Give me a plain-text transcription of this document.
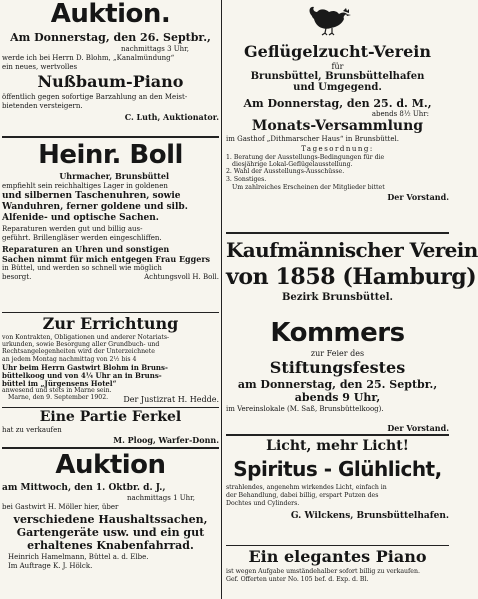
Auktion.
Am Donnerstag, den 26. Septbr.,
nachmittags 3 Uhr,
werde ich bei Herrn D. Blohm, „Kanalmündung“
ein neues, wertvolles
Nußbaum-Piano
öffentlich gegen sofortige Barzahlung an den Meist-
bietenden versteigern.
C. Luth, Auktionator.
Heinr. Boll
Uhrmacher, Brunsbüttel
empfiehlt sein reichhaltiges Lager in goldenen
und silbernen Taschenuhren, sowie
Wanduhren, ferner goldene und silb.
Alfenide- und optische Sachen.
Reparaturen werden gut und billig aus-
geführt. Brillengläser werden eingeschliffen.
Reparaturen an Uhren und sonstigen
Sachen nimmt für mich entgegen Frau Eggers
in Büttel, und werden so schnell wie möglich
besorgt.	Achtungsvoll H. Boll.
Zur Errichtung
von Kontrakten, Obligationen und anderer Notariats-
urkunden, sowie Besorgung aller Grundbuch- und
Rechtsangelegenheiten wird der Unterzeichnete
an jedem Montag nachmittag von 2½ bis 4
Uhr beim Herrn Gastwirt Blohm in Bruns-
büttelkoog und von 4¼ Uhr an in Bruns-
büttel im „Jürgensens Hotel“
anwesend und stets in Marne sein.
Marne, den 9. September 1902.	Der Justizrat H. Hedde.
Eine Partie Ferkel
hat zu verkaufen
M. Ploog, Warfer-Donn.
Auktion
am Mittwoch, den 1. Oktbr. d. J.,
nachmittags 1 Uhr,
bei Gastwirt H. Möller hier, über
verschiedene Haushaltssachen,
Gartengeräte usw. und ein gut
erhaltenes Knabenfahrrad.
Heinrich Hamelmann, Büttel a. d. Elbe.
Im Auftrage K. J. Hölck.
Geflügelzucht-Verein
für
Brunsbüttel, Brunsbüttelhafen
und Umgegend.
Am Donnerstag, den 25. d. M.,
abends 8½ Uhr:
Monats-Versammlung
im Gasthof „Dithmarscher Haus“ in Brunsbüttel.
Tagesordnung:
1. Beratung der Ausstellungs-Bedingungen für die
diesjährige Lokal-Geflügelausstellung.
2. Wahl der Ausstellungs-Ausschüsse.
3. Sonstiges.
Um zahlreiches Erscheinen der Mitglieder bittet
Der Vorstand.
Kaufmännischer Verein
von 1858 (Hamburg)
Bezirk Brunsbüttel.
Kommers
zur Feier des
Stiftungsfestes
am Donnerstag, den 25. Septbr.,
abends 9 Uhr,
im Vereinslokale (M. Saß, Brunsbüttelkoog).
Der Vorstand.
Licht, mehr Licht!
Spiritus - Glühlicht,
strahlendes, angenehm wirkendes Licht, einfach in
der Behandlung, dabei billig, erspart Putzen des
Dochtes und Cylinders.
G. Wilckens, Brunsbüttelhafen.
Ein elegantes Piano
ist wegen Aufgabe umständehalber sofort billig zu verkaufen.
Gef. Offerten unter No. 105 bef. d. Exp. d. Bl.
